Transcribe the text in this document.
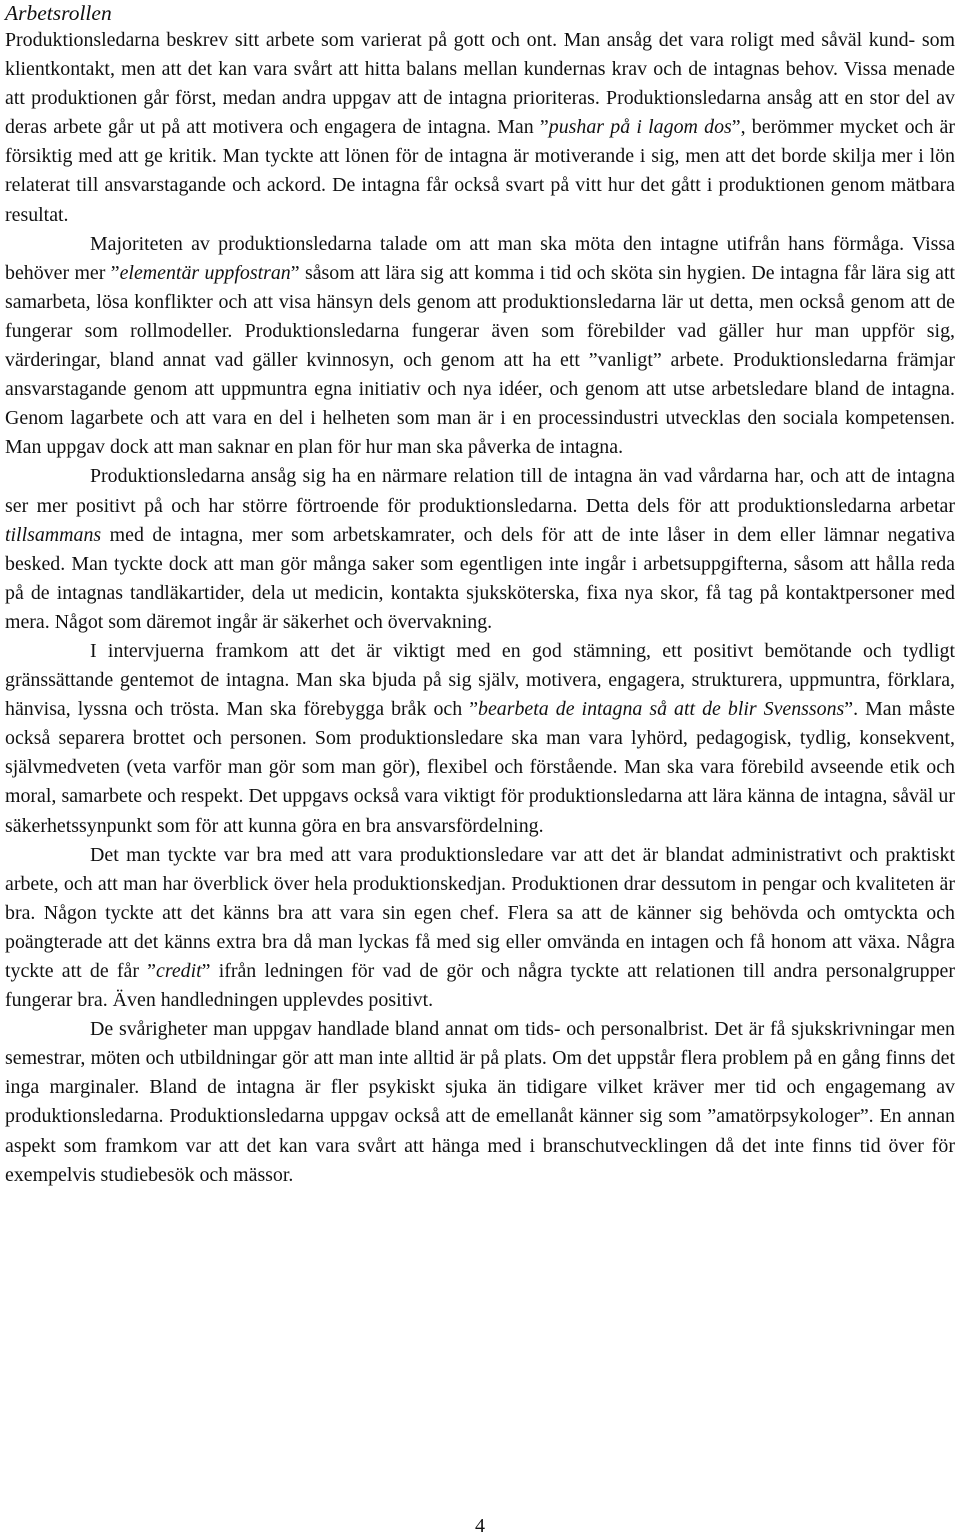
Arbetsrollen

Produktionsledarna beskrev sitt arbete som varierat på gott och ont. Man ansåg det vara roligt med såväl kund- som klientkontakt, men att det kan vara svårt att hitta balans mellan kundernas krav och de intagnas behov. Vissa menade att produktionen går först, medan andra uppgav att de intagna prioriteras. Produktionsledarna ansåg att en stor del av deras arbete går ut på att motivera och engagera de intagna. Man ”pushar på i lagom dos”, berömmer mycket och är försiktig med att ge kritik. Man tyckte att lönen för de intagna är motiverande i sig, men att det borde skilja mer i lön relaterat till ansvarstagande och ackord. De intagna får också svart på vitt hur det gått i produktionen genom mätbara resultat.

Majoriteten av produktionsledarna talade om att man ska möta den intagne utifrån hans förmåga. Vissa behöver mer ”elementär uppfostran” såsom att lära sig att komma i tid och sköta sin hygien. De intagna får lära sig att samarbeta, lösa konflikter och att visa hänsyn dels genom att produktionsledarna lär ut detta, men också genom att de fungerar som rollmodeller. Produktionsledarna fungerar även som förebilder vad gäller hur man uppför sig, värderingar, bland annat vad gäller kvinnosyn, och genom att ha ett ”vanligt” arbete. Produktionsledarna främjar ansvarstagande genom att uppmuntra egna initiativ och nya idéer, och genom att utse arbetsledare bland de intagna. Genom lagarbete och att vara en del i helheten som man är i en processindustri utvecklas den sociala kompetensen. Man uppgav dock att man saknar en plan för hur man ska påverka de intagna.

Produktionsledarna ansåg sig ha en närmare relation till de intagna än vad vårdarna har, och att de intagna ser mer positivt på och har större förtroende för produktionsledarna. Detta dels för att produktionsledarna arbetar tillsammans med de intagna, mer som arbetskamrater, och dels för att de inte låser in dem eller lämnar negativa besked. Man tyckte dock att man gör många saker som egentligen inte ingår i arbetsuppgifterna, såsom att hålla reda på de intagnas tandläkartider, dela ut medicin, kontakta sjuksköterska, fixa nya skor, få tag på kontaktpersoner med mera. Något som däremot ingår är säkerhet och övervakning.

I intervjuerna framkom att det är viktigt med en god stämning, ett positivt bemötande och tydligt gränssättande gentemot de intagna. Man ska bjuda på sig själv, motivera, engagera, strukturera, uppmuntra, förklara, hänvisa, lyssna och trösta. Man ska förebygga bråk och ”bearbeta de intagna så att de blir Svenssons”. Man måste också separera brottet och personen. Som produktionsledare ska man vara lyhörd, pedagogisk, tydlig, konsekvent, självmedveten (veta varför man gör som man gör), flexibel och förstående. Man ska vara förebild avseende etik och moral, samarbete och respekt. Det uppgavs också vara viktigt för produktionsledarna att lära känna de intagna, såväl ur säkerhetssynpunkt som för att kunna göra en bra ansvarsfördelning.

Det man tyckte var bra med att vara produktionsledare var att det är blandat administrativt och praktiskt arbete, och att man har överblick över hela produktionskedjan. Produktionen drar dessutom in pengar och kvaliteten är bra. Någon tyckte att det känns bra att vara sin egen chef. Flera sa att de känner sig behövda och omtyckta och poängterade att det känns extra bra då man lyckas få med sig eller omvända en intagen och få honom att växa. Några tyckte att de får ”credit” ifrån ledningen för vad de gör och några tyckte att relationen till andra personalgrupper fungerar bra. Även handledningen upplevdes positivt.

De svårigheter man uppgav handlade bland annat om tids- och personalbrist. Det är få sjukskrivningar men semestrar, möten och utbildningar gör att man inte alltid är på plats. Om det uppstår flera problem på en gång finns det inga marginaler. Bland de intagna är fler psykiskt sjuka än tidigare vilket kräver mer tid och engagemang av produktionsledarna. Produktionsledarna uppgav också att de emellanåt känner sig som ”amatörpsykologer”. En annan aspekt som framkom var att det kan vara svårt att hänga med i branschutvecklingen då det inte finns tid över för exempelvis studiebesök och mässor.

4
